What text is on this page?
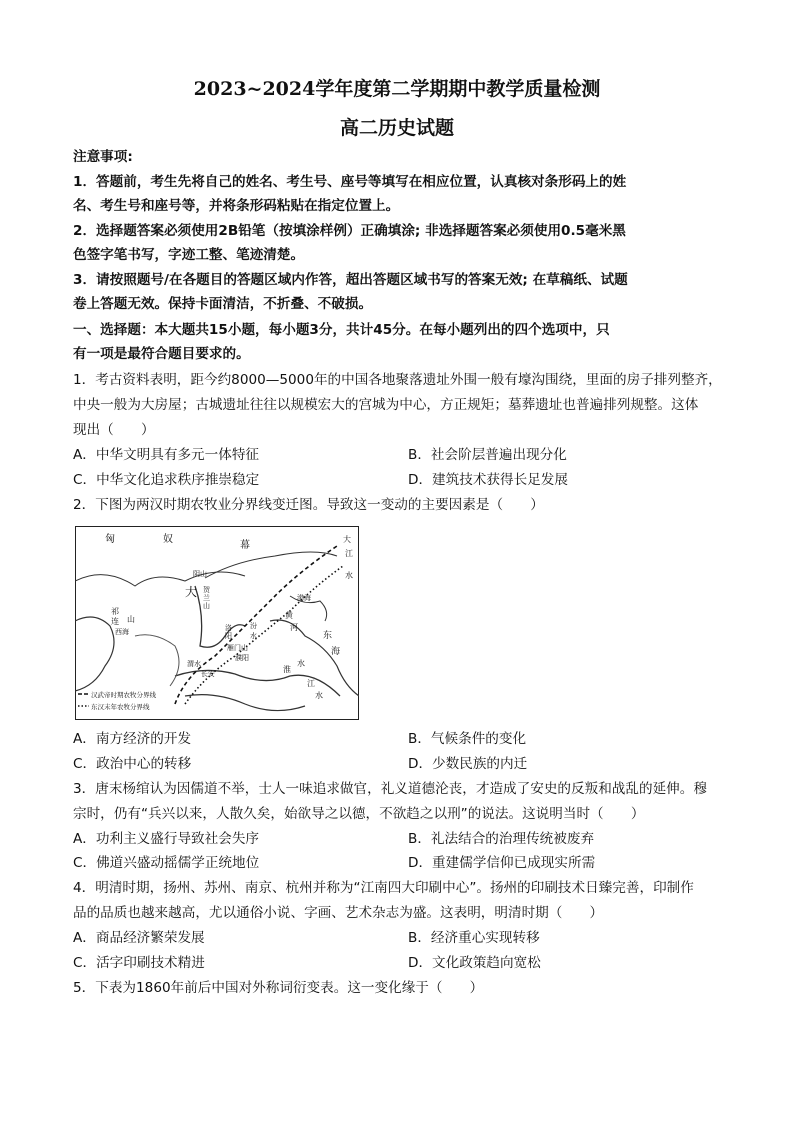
2023~2024学年度第二学期期中教学质量检测
高二历史试题
注意事项:
1．答题前，考生先将自己的姓名、考生号、座号等填写在相应位置，认真核对条形码上的姓
名、考生号和座号等，并将条形码粘贴在指定位置上。
2．选择题答案必须使用2B铅笔（按填涂样例）正确填涂; 非选择题答案必须使用0.5毫米黑
色签字笔书写，字迹工整、笔迹清楚。
3．请按照题号/在各题目的答题区域内作答，超出答题区域书写的答案无效; 在草稿纸、试题
卷上答题无效。保持卡面清洁，不折叠、不破损。
一、选择题：本大题共15小题，每小题3分，共计45分。在每小题列出的四个选项中，只
有一项是最符合题目要求的。
1．考古资料表明，距今约8000—5000年的中国各地聚落遗址外围一般有壕沟围绕，里面的房子排列整齐，
中央一般为大房屋；古城遗址往往以规模宏大的宫城为中心，方正规矩；墓葬遗址也普遍排列规整。这体
现出（　　）
A．中华文明具有多元一体特征	B．社会阶层普遍出现分化
C．中华文化追求秩序推崇稳定	D．建筑技术获得长足发展
2．下图为两汉时期农牧业分界线变迁图。导致这一变动的主要因素是（　　）
匈	奴
幕
大
江
水
大
祁
连 山
西海
阴山
贺
兰
山
汾
水
洛
阳
雁门山
渤海
黄
河
东
海
淮
水
长安
濮阳
渭水
江
水
汉武帝时期农牧分界线
东汉末年农牧分界线
A．南方经济的开发	B．气候条件的变化
C．政治中心的转移	D．少数民族的内迁
3．唐末杨绾认为因儒道不举，士人一味追求做官，礼义道德沦丧，才造成了安史的反叛和战乱的延伸。穆
宗时，仍有“兵兴以来，人散久矣，始欲导之以德，不欲趋之以刑”的说法。这说明当时（　　）
A．功利主义盛行导致社会失序	B．礼法结合的治理传统被废弃
C．佛道兴盛动摇儒学正统地位	D．重建儒学信仰已成现实所需
4．明清时期，扬州、苏州、南京、杭州并称为“江南四大印刷中心”。扬州的印刷技术日臻完善，印制作
品的品质也越来越高，尤以通俗小说、字画、艺术杂志为盛。这表明，明清时期（　　）
A．商品经济繁荣发展	B．经济重心实现转移
C．活字印刷技术精进	D．文化政策趋向宽松
5．下表为1860年前后中国对外称词衍变表。这一变化缘于（　　）
